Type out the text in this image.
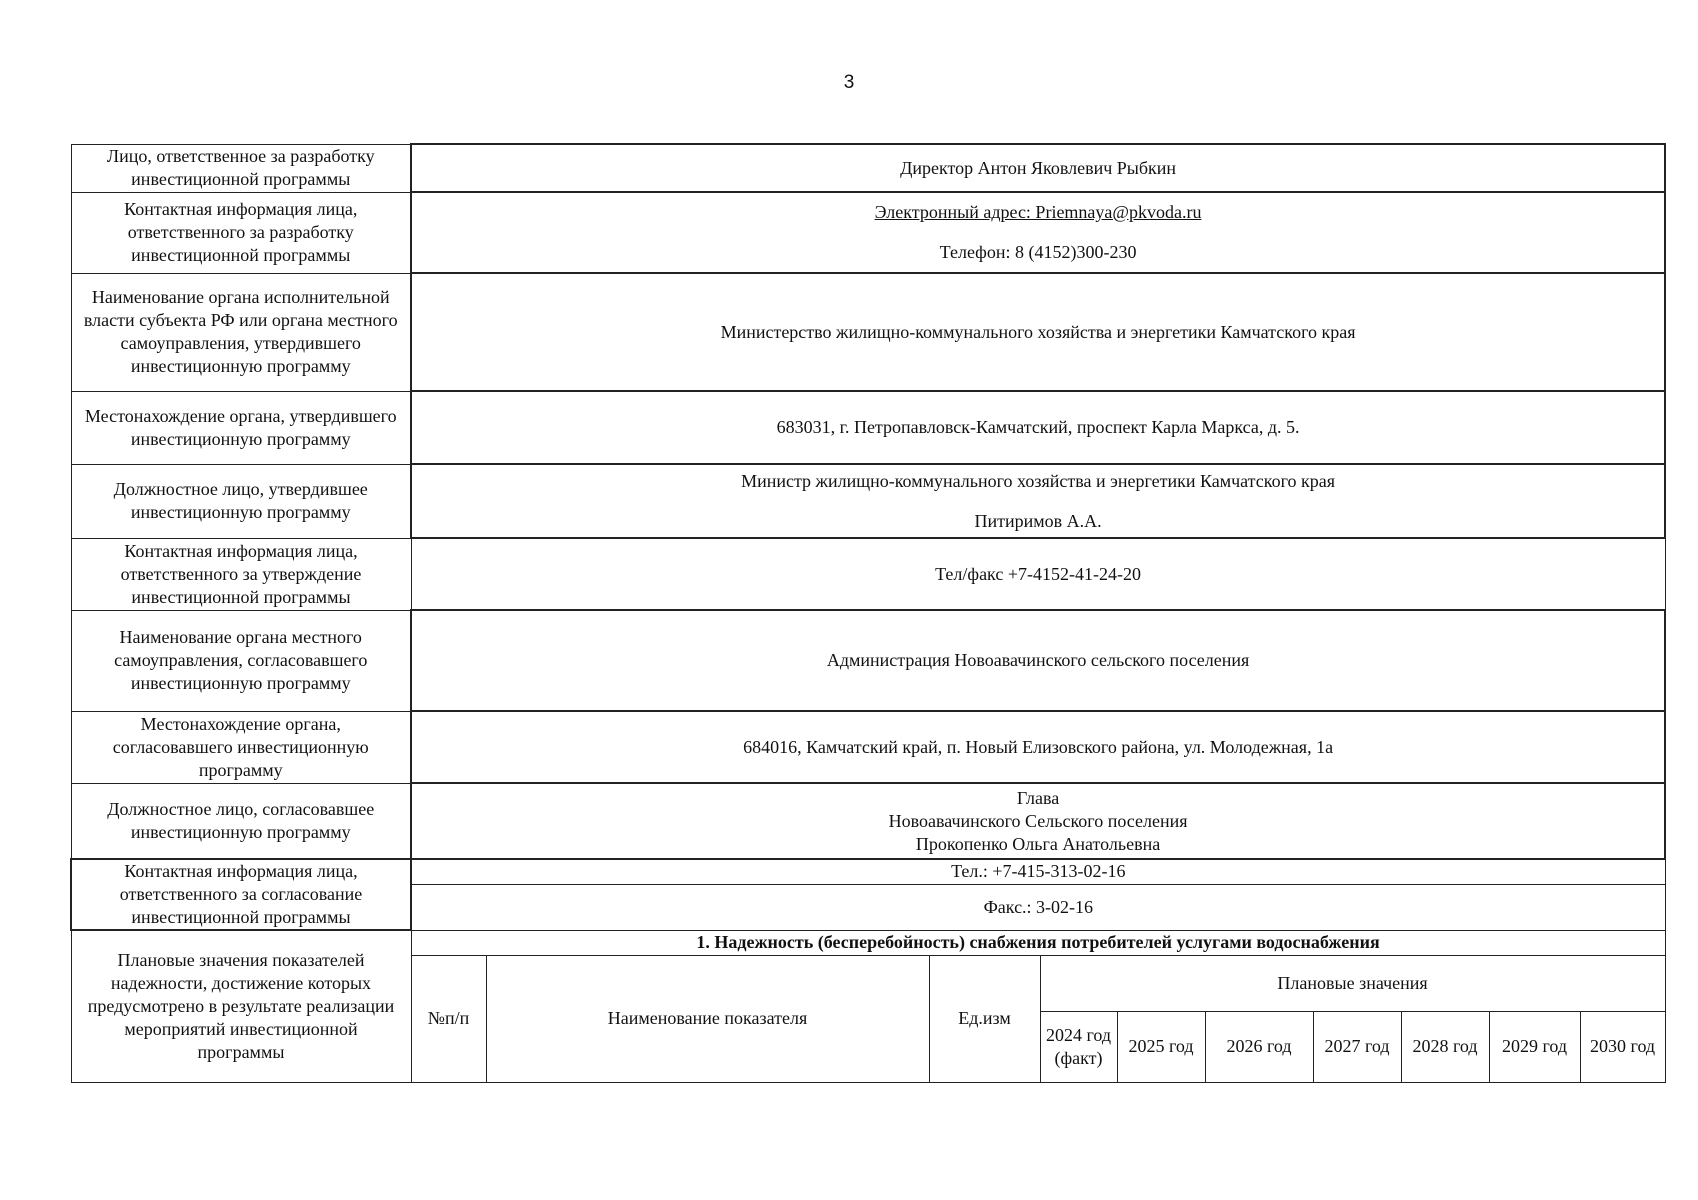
3
Лицо, ответственное за разработку инвестиционной программы	Директор Антон Яковлевич Рыбкин									
Контактная информация лица, ответственного за разработку инвестиционной программы	Электронный адрес: Priemnaya@pkvoda.ru
Телефон: 8 (4152)300-230									

Наименование органа исполнительной власти субъекта РФ или органа местного самоуправления, утвердившего инвестиционную программу	Министерство жилищно-коммунального хозяйства и энергетики Камчатского края									
Местонахождение органа, утвердившего инвестиционную программу	683031, г. Петропавловск-Камчатский, проспект Карла Маркса, д. 5.									
Должностное лицо, утвердившее инвестиционную программу	Министр жилищно-коммунального хозяйства и энергетики Камчатского края
Питиримов А.А.									

Контактная информация лица, ответственного за утверждение инвестиционной программы	Тел/факс +7-4152-41-24-20									
Наименование органа местного самоуправления, согласовавшего инвестиционную программу	Администрация Новоавачинского сельского поселения									
Местонахождение органа, согласовавшего инвестиционную программу	684016, Камчатский край, п. Новый Елизовского района, ул. Молодежная, 1а									
Должностное лицо, согласовавшее инвестиционную программу	Глава
Новоавачинского Сельского поселения
Прокопенко Ольга Анатольевна									

Контактная информация лица, ответственного за согласование инвестиционной программы	Тел.: +7-415-313-02-16									
	Факс.: 3-02-16									
Плановые значения показателей надежности, достижение которых предусмотрено в результате реализации мероприятий инвестиционной программы	1. Надежность (бесперебойность) снабжения потребителей услугами водоснабжения									
	№п/п	Наименование показателя	Ед.изм	Плановые значения						
				2024 год (факт)	2025 год	2026 год	2027 год	2028 год	2029 год	2030 год
